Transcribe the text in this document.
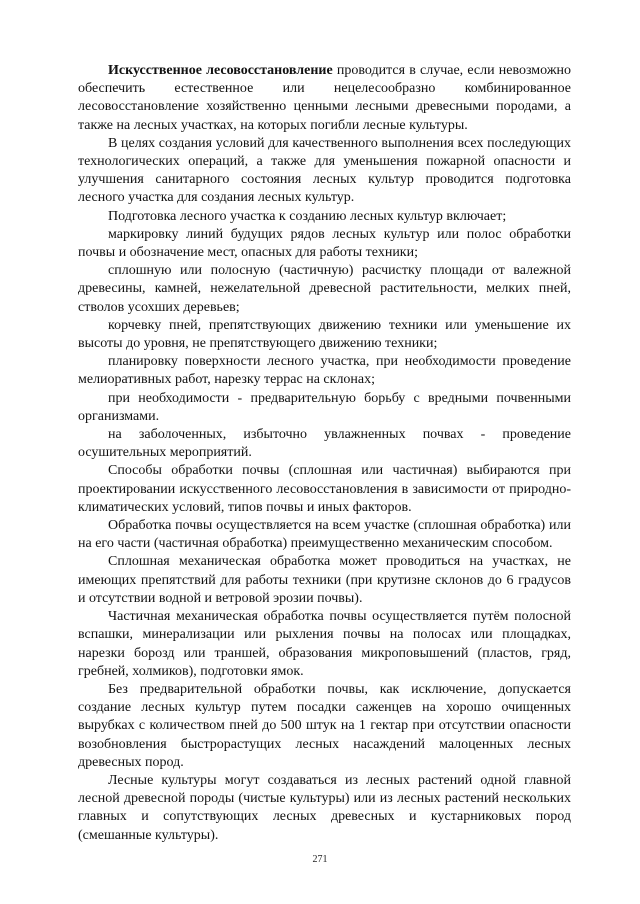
Искусственное лесовосстановление проводится в случае, если невозможно обеспечить естественное или нецелесообразно комбинированное лесовосстановление хозяйственно ценными лесными древесными породами, а также на лесных участках, на которых погибли лесные культуры.

В целях создания условий для качественного выполнения всех последующих технологических операций, а также для уменьшения пожарной опасности и улучшения санитарного состояния лесных культур проводится подготовка лесного участка для создания лесных культур.

Подготовка лесного участка к созданию лесных культур включает;

маркировку линий будущих рядов лесных культур или полос обработки почвы и обозначение мест, опасных для работы техники;

сплошную или полосную (частичную) расчистку площади от валежной древесины, камней, нежелательной древесной растительности, мелких пней, стволов усохших деревьев;

корчевку пней, препятствующих движению техники или уменьшение их высоты до уровня, не препятствующего движению техники;

планировку поверхности лесного участка, при необходимости проведение мелиоративных работ, нарезку террас на склонах;

при необходимости - предварительную борьбу с вредными почвенными организмами.

на заболоченных, избыточно увлажненных почвах - проведение осушительных мероприятий.

Способы обработки почвы (сплошная или частичная) выбираются при проектировании искусственного лесовосстановления в зависимости от природно-климатических условий, типов почвы и иных факторов.

Обработка почвы осуществляется на всем участке (сплошная обработка) или на его части (частичная обработка) преимущественно механическим способом.

Сплошная механическая обработка может проводиться на участках, не имеющих препятствий для работы техники (при крутизне склонов до 6 градусов и отсутствии водной и ветровой эрозии почвы).

Частичная механическая обработка почвы осуществляется путём полосной вспашки, минерализации или рыхления почвы на полосах или площадках, нарезки борозд или траншей, образования микроповышений (пластов, гряд, гребней, холмиков), подготовки ямок.

Без предварительной обработки почвы, как исключение, допускается создание лесных культур путем посадки саженцев на хорошо очищенных вырубках с количеством пней до 500 штук на 1 гектар при отсутствии опасности возобновления быстрорастущих лесных насаждений малоценных лесных древесных пород.

Лесные культуры могут создаваться из лесных растений одной главной лесной древесной породы (чистые культуры) или из лесных растений нескольких главных и сопутствующих лесных древесных и кустарниковых пород (смешанные культуры).

271
